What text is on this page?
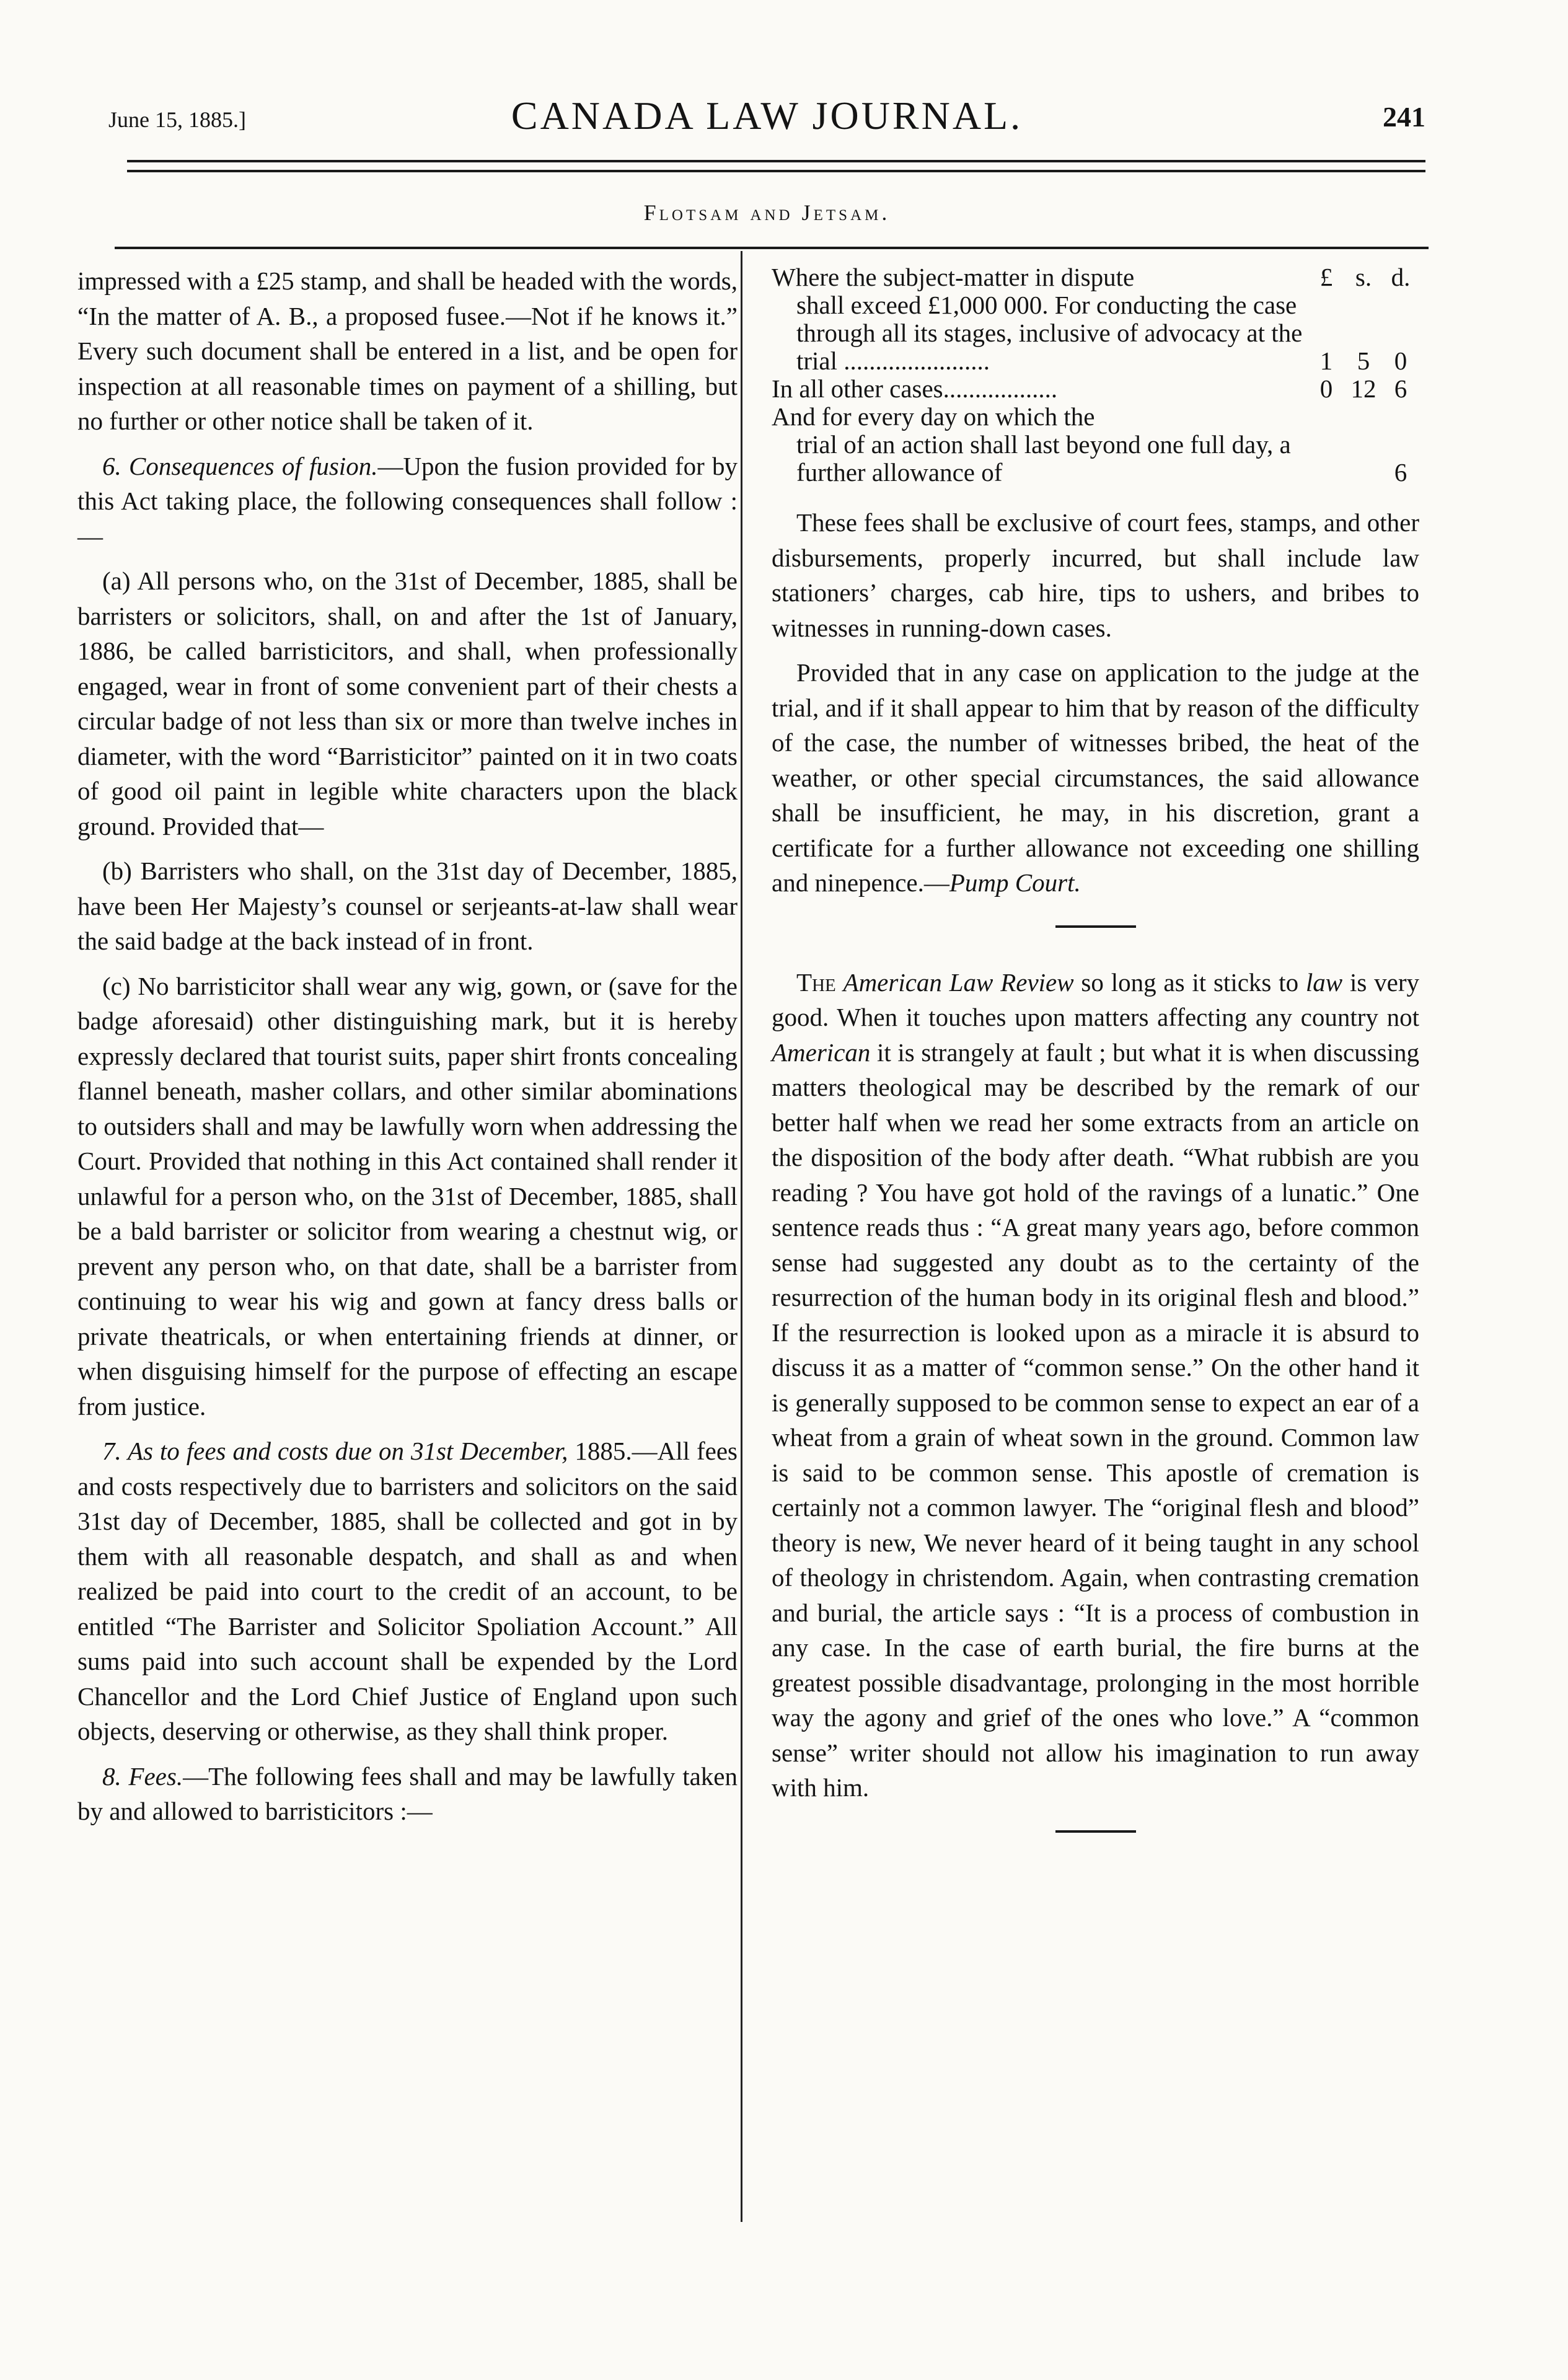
June 15, 1885.]	CANADA LAW JOURNAL.	241
Flotsam and Jetsam.

impressed with a £25 stamp, and shall be headed with the words, “In the matter of A. B., a proposed fusee.—Not if he knows it.” Every such document shall be entered in a list, and be open for inspection at all reasonable times on payment of a shilling, but no further or other notice shall be taken of it.

6. Consequences of fusion.—Upon the fusion provided for by this Act taking place, the following consequences shall follow :—

(a) All persons who, on the 31st of December, 1885, shall be barristers or solicitors, shall, on and after the 1st of January, 1886, be called barristicitors, and shall, when professionally engaged, wear in front of some convenient part of their chests a circular badge of not less than six or more than twelve inches in diameter, with the word “Barristicitor” painted on it in two coats of good oil paint in legible white characters upon the black ground. Provided that—

(b) Barristers who shall, on the 31st day of December, 1885, have been Her Majesty’s counsel or serjeants-at-law shall wear the said badge at the back instead of in front.

(c) No barristicitor shall wear any wig, gown, or (save for the badge aforesaid) other distinguishing mark, but it is hereby expressly declared that tourist suits, paper shirt fronts concealing flannel beneath, masher collars, and other similar abominations to outsiders shall and may be lawfully worn when addressing the Court. Provided that nothing in this Act contained shall render it unlawful for a person who, on the 31st of December, 1885, shall be a bald barrister or solicitor from wearing a chestnut wig, or prevent any person who, on that date, shall be a barrister from continuing to wear his wig and gown at fancy dress balls or private theatricals, or when entertaining friends at dinner, or when disguising himself for the purpose of effecting an escape from justice.

7. As to fees and costs due on 31st December, 1885.—All fees and costs respectively due to barristers and solicitors on the said 31st day of December, 1885, shall be collected and got in by them with all reasonable despatch, and shall as and when realized be paid into court to the credit of an account, to be entitled “The Barrister and Solicitor Spoliation Account.” All sums paid into such account shall be expended by the Lord Chancellor and the Lord Chief Justice of England upon such objects, deserving or otherwise, as they shall think proper.

8. Fees.—The following fees shall and may be lawfully taken by and allowed to barristicitors :—

Where the subject-matter in dispute	£	s.	d.
shall exceed £1,000 000. For conducting the case through all its stages, inclusive of advocacy at the trial .......................	1	5	0
In all other cases..................	0	12	6
And for every day on which the			
trial of an action shall last beyond one full day, a further allowance of			6

These fees shall be exclusive of court fees, stamps, and other disbursements, properly incurred, but shall include law stationers’ charges, cab hire, tips to ushers, and bribes to witnesses in running-down cases.

Provided that in any case on application to the judge at the trial, and if it shall appear to him that by reason of the difficulty of the case, the number of witnesses bribed, the heat of the weather, or other special circumstances, the said allowance shall be insufficient, he may, in his discretion, grant a certificate for a further allowance not exceeding one shilling and ninepence.—Pump Court.

The American Law Review so long as it sticks to law is very good. When it touches upon matters affecting any country not American it is strangely at fault ; but what it is when discussing matters theological may be described by the remark of our better half when we read her some extracts from an article on the disposition of the body after death. “What rubbish are you reading ? You have got hold of the ravings of a lunatic.” One sentence reads thus : “A great many years ago, before common sense had suggested any doubt as to the certainty of the resurrection of the human body in its original flesh and blood.” If the resurrection is looked upon as a miracle it is absurd to discuss it as a matter of “common sense.” On the other hand it is generally supposed to be common sense to expect an ear of a wheat from a grain of wheat sown in the ground. Common law is said to be common sense. This apostle of cremation is certainly not a common lawyer. The “original flesh and blood” theory is new, We never heard of it being taught in any school of theology in christendom. Again, when contrasting cremation and burial, the article says : “It is a process of combustion in any case. In the case of earth burial, the fire burns at the greatest possible disadvantage, prolonging in the most horrible way the agony and grief of the ones who love.” A “common sense” writer should not allow his imagination to run away with him.
